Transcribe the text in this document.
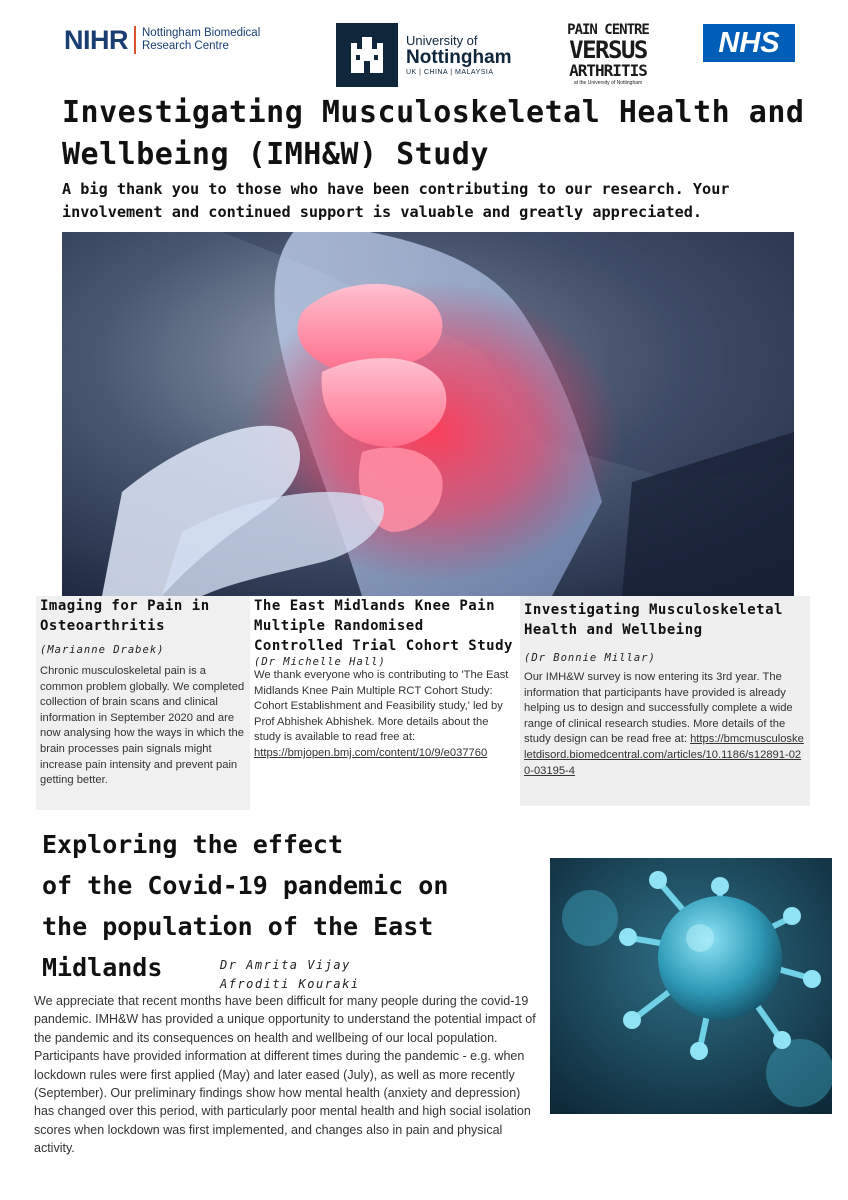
NIHR Nottingham Biomedical
Research Centre	University of
Nottingham
UK | CHINA | MALAYSIA
PAIN CENTRE
VERSUS
ARTHRITIS
at the University of Nottingham
NHS
Investigating Musculoskeletal Health and
Wellbeing (IMH&W) Study
A big thank you to those who have been contributing to our research. Your involvement and continued support is valuable and greatly appreciated.
Imaging for Pain in Osteoarthritis
(Marianne Drabek)
Chronic musculoskeletal pain is a common problem globally. We completed collection of brain scans and clinical information in September 2020 and are now analysing how the ways in which the brain processes pain signals might increase pain intensity and prevent pain getting better.
The East Midlands Knee Pain Multiple Randomised Controlled Trial Cohort Study
(Dr Michelle Hall)
We thank everyone who is contributing to 'The East Midlands Knee Pain Multiple RCT Cohort Study: Cohort Establishment and Feasibility study,' led by Prof Abhishek Abhishek. More details about the study is available to read free at: https://bmjopen.bmj.com/content/10/9/e037760
Investigating Musculoskeletal Health and Wellbeing
(Dr Bonnie Millar)
Our IMH&W survey is now entering its 3rd year. The information that participants have provided is already helping us to design and successfully complete a wide range of clinical research studies. More details of the study design can be read free at: https://bmcmusculoskeletdisord.biomedcentral.com/articles/10.1186/s12891-020-03195-4
Exploring the effect
of the Covid-19 pandemic on
the population of the East
Midlands	Dr Amrita Vijay
Afroditi Kouraki
We appreciate that recent months have been difficult for many people during the covid-19 pandemic. IMH&W has provided a unique opportunity to understand the potential impact of the pandemic and its consequences on health and wellbeing of our local population. Participants have provided information at different times during the pandemic - e.g. when lockdown rules were first applied (May) and later eased (July), as well as more recently (September). Our preliminary findings show how mental health (anxiety and depression) has changed over this period, with particularly poor mental health and high social isolation scores when lockdown was first implemented, and changes also in pain and physical activity.
